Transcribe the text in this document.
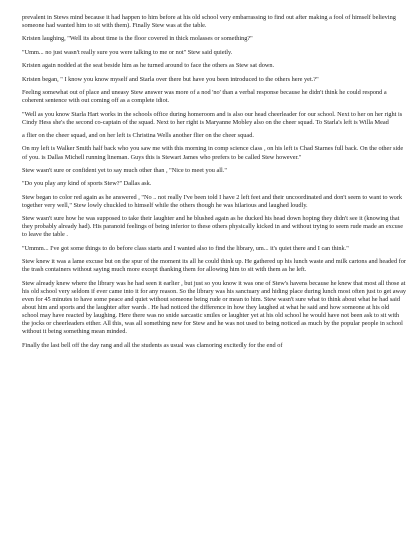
prevalent in Stews mind because it had happen to him before at his old school very embarrassing to find out after making a fool of himself believing someone had wanted him to sit with them). Finally Stew was at the table.

Kristen laughing, "Well its about time is the floor covered in thick molasses or something?"

"Umm... no just wasn't really sure you were talking to me or not" Stew said quietly.

Kristen again nodded at the seat beside him as he turned around to face the others as Stew sat down.

Kristen began, " I know you know myself and Starla over there but have you been introduced to the others here yet.?"

Feeling somewhat out of place and uneasy Stew answer was more of a nod 'no' than a verbal response because he didn't think he could respond a coherent sentence with out coming off as a complete idiot.

"Well as you know Starla Hart works in the schools office during homeroom and is also our head cheerleader for our school. Next to her on her right is Cindy Hess she's the second co-captain of the squad. Next to her right is Maryanne Mobley also on the cheer squad. To Starla's left is Willa Mead

a flier on the cheer squad, and on her left is Christina Wells another flier on the cheer squad.

On my left is Walker Smith half back who you saw me with this morning in comp science class , on his left is Chad Starnes full back. On the other side of you. is Dallas Michell running lineman. Guys this is Stewart James who prefers to be called Stew however."

Stew wasn't sure or confident yet to say much other than , "Nice to meet you all."

"Do you play any kind of sports Stew?" Dallas ask.

Stew began to color red again as he answered , "No .. not really I've been told I have 2 left feet and their uncoordinated and don't seem to want to work together very well," Stew lowly chuckled to himself while the others though he was hilarious and laughed loudly.

Stew wasn't sure how he was supposed to take their laughter and he blushed again as he ducked his head down hoping they didn't see it (knowing that they probably already had). His paranoid feelings of being inferior to these others physically kicked in and without trying to seem rude made an excuse to leave the table .

"Ummm... I've got some things to do before class starts and I wanted also to find the library, um... it's quiet there and I can think."

Stew knew it was a lame excuse but on the spur of the moment its all he could think up. He gathered up his lunch waste and milk cartons and headed for the trash containers without saying much more except thanking them for allowing him to sit with them as he left.

Stew already knew where the library was he had seen it earlier , but just so you know it was one of Stew's havens because he knew that most all those at his old school very seldom if ever came into it for any reason. So the library was his sanctuary and hiding place during lunch most often just to get away even for 45 minutes to have some peace and quiet without someone being rude or mean to him. Stew wasn't sure what to think about what he had said about him and sports and the laughter after wards . He had noticed the difference in how they laughed at what he said and how someone at his old school may have reacted by laughing. Here there was no snide sarcastic smiles or laughter yet at his old school he would have not been ask to sit with the jocks or cheerleaders either. All this, was all something new for Stew and he was not used to being noticed as much by the popular people in school without it being something mean minded.

Finally the last bell off the day rang and all the students as usual was clamoring excitedly for the end of
